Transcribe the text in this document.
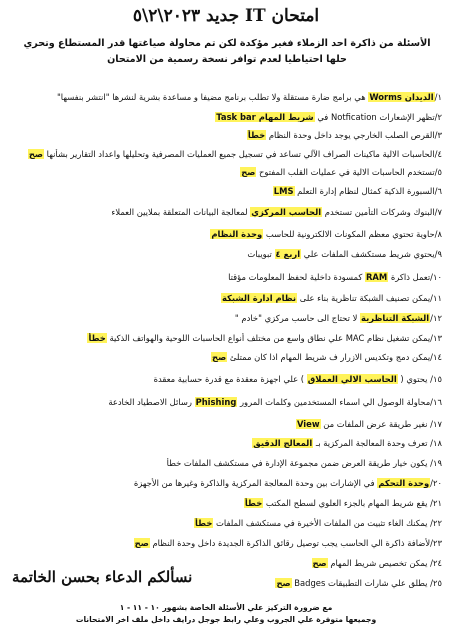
امتحان IT جديد ٢٠٢٣\٢\٥
الأسئلة من ذاكرة احد الزملاء فغير مؤكدة لكن تم محاولة صياغتها قدر المستطاع وتحري حلها احتياطيا لعدم توافر نسخة رسمية من الامتحان
١/الديدان Worms هي برامج ضارة مستقلة ولا تطلب برنامج مضيفا و مساعدة بشرية لنشرها "انتشر بنفسها"
٢/تظهر الإشعارات Notfication في شريط المهام Task bar
٣/القرص الصلب الخارجي يوجد داخل وحدة النظام خطأ
٤/الحاسبات الالية ماكينات الصراف الآلي تساعد في تسجيل جميع العمليات المصرفية وتحليلها واعداد التقارير بشأنها صح
٥/تستخدم الحاسبات الالية في عمليات القلب المفتوح صح
٦/السبورة الذكية كمثال لنظام إدارة التعلم LMS
٧/البنوك وشركات التأمين تستخدم الحاسب المركزي لمعالجة البيانات المتعلقة بملايين العملاء
٨/حاوية تحتوي معظم المكونات الالكترونية للحاسب وحدة النظام
٩/يحتوي شريط مستكشف الملفات علي اربع ٤ تبويبات
١٠/تعمل ذاكرة RAM كمسودة داخلية لحفظ المعلومات مؤقتا
١١/يمكن تصنيف الشبكة تناظرية بناء على نظام ادارة الشبكة
١٢/الشبكة التناظرية لا تحتاج الى حاسب مركزي "خادم "
١٣/يمكن تشغيل نظام MAC علي نطاق واسع من مختلف أنواع الحاسبات اللوحية والهواتف الذكية خطأ
١٤/يمكن دمج وتكديس الازرار ف شريط المهام اذا كان ممتلئ صح
١٥/ يحتوي ( الحاسب الالي العملاق ) علي اجهزة معقدة مع قدرة حسابية معقدة
١٦/محاولة الوصول الي اسماء المستخدمين وكلمات المرور Phishing رسائل الاصطياد الخادعة
١٧/ نغير طريقة عرض الملفات من View
١٨/ تعرف وحدة المعالجة المركزية بـ المعالج الدقيق
١٩/ يكون خيار طريقة العرض ضمن مجموعة الإدارة في مستكشف الملفات خطأ
٢٠/وحدة التحكم في الإشارات بين وحدة المعالجة المركزية والذاكرة وغيرها من الأجهزة
٢١/ يقع شريط المهام بالجزء العلوي لسطح المكتب خطأ
٢٢/ يمكنك الغاء تثبيت من الملفات الأخيرة في مستكشف الملفات خطأ
٢٣/لأضافة ذاكرة الي الحاسب يجب توصيل رقائق الذاكرة الجديدة داخل وحدة النظام صح
٢٤/ يمكن تخصيص شريط المهام صح
٢٥/ يطلق علي شارات التطبيقات Badges صح
نسألكم الدعاء بحسن الخاتمة
مع ضرورة التركيز علي الأسئلة الخاصة بشهور ١٠ - ١١ - ١
وجميعها متوفرة علي الجروب وعلي رابط جوجل درايف داخل ملف اخر الامتحانات
